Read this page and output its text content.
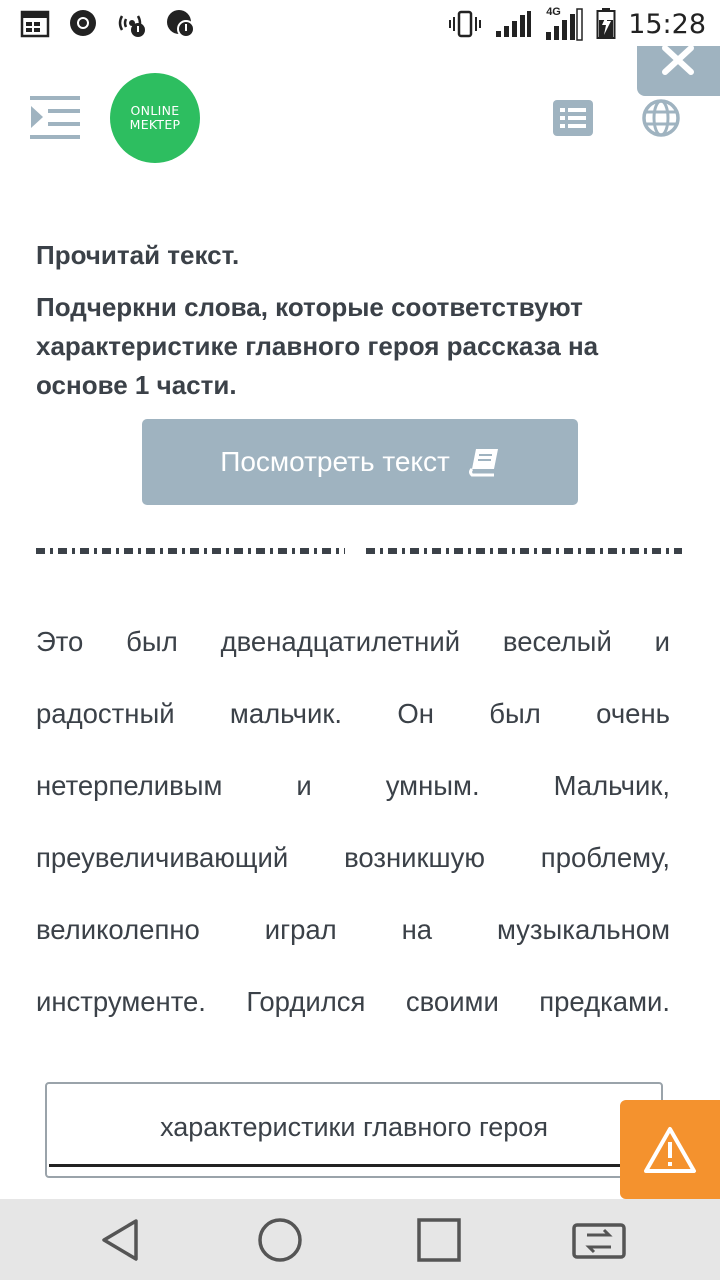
4G 15:28
ONLINE
MEKTEP
Прочитай текст.
Подчеркни слова, которые соответствуют характеристике главного героя рассказа на основе 1 части.
Посмотреть текст
Это был двенадцатилетний веселый и
радостный мальчик. Он был очень
нетерпеливым и умным. Мальчик,
преувеличивающий возникшую проблему,
великолепно играл на музыкальном
инструменте. Гордился своими предками.
характеристики главного героя
